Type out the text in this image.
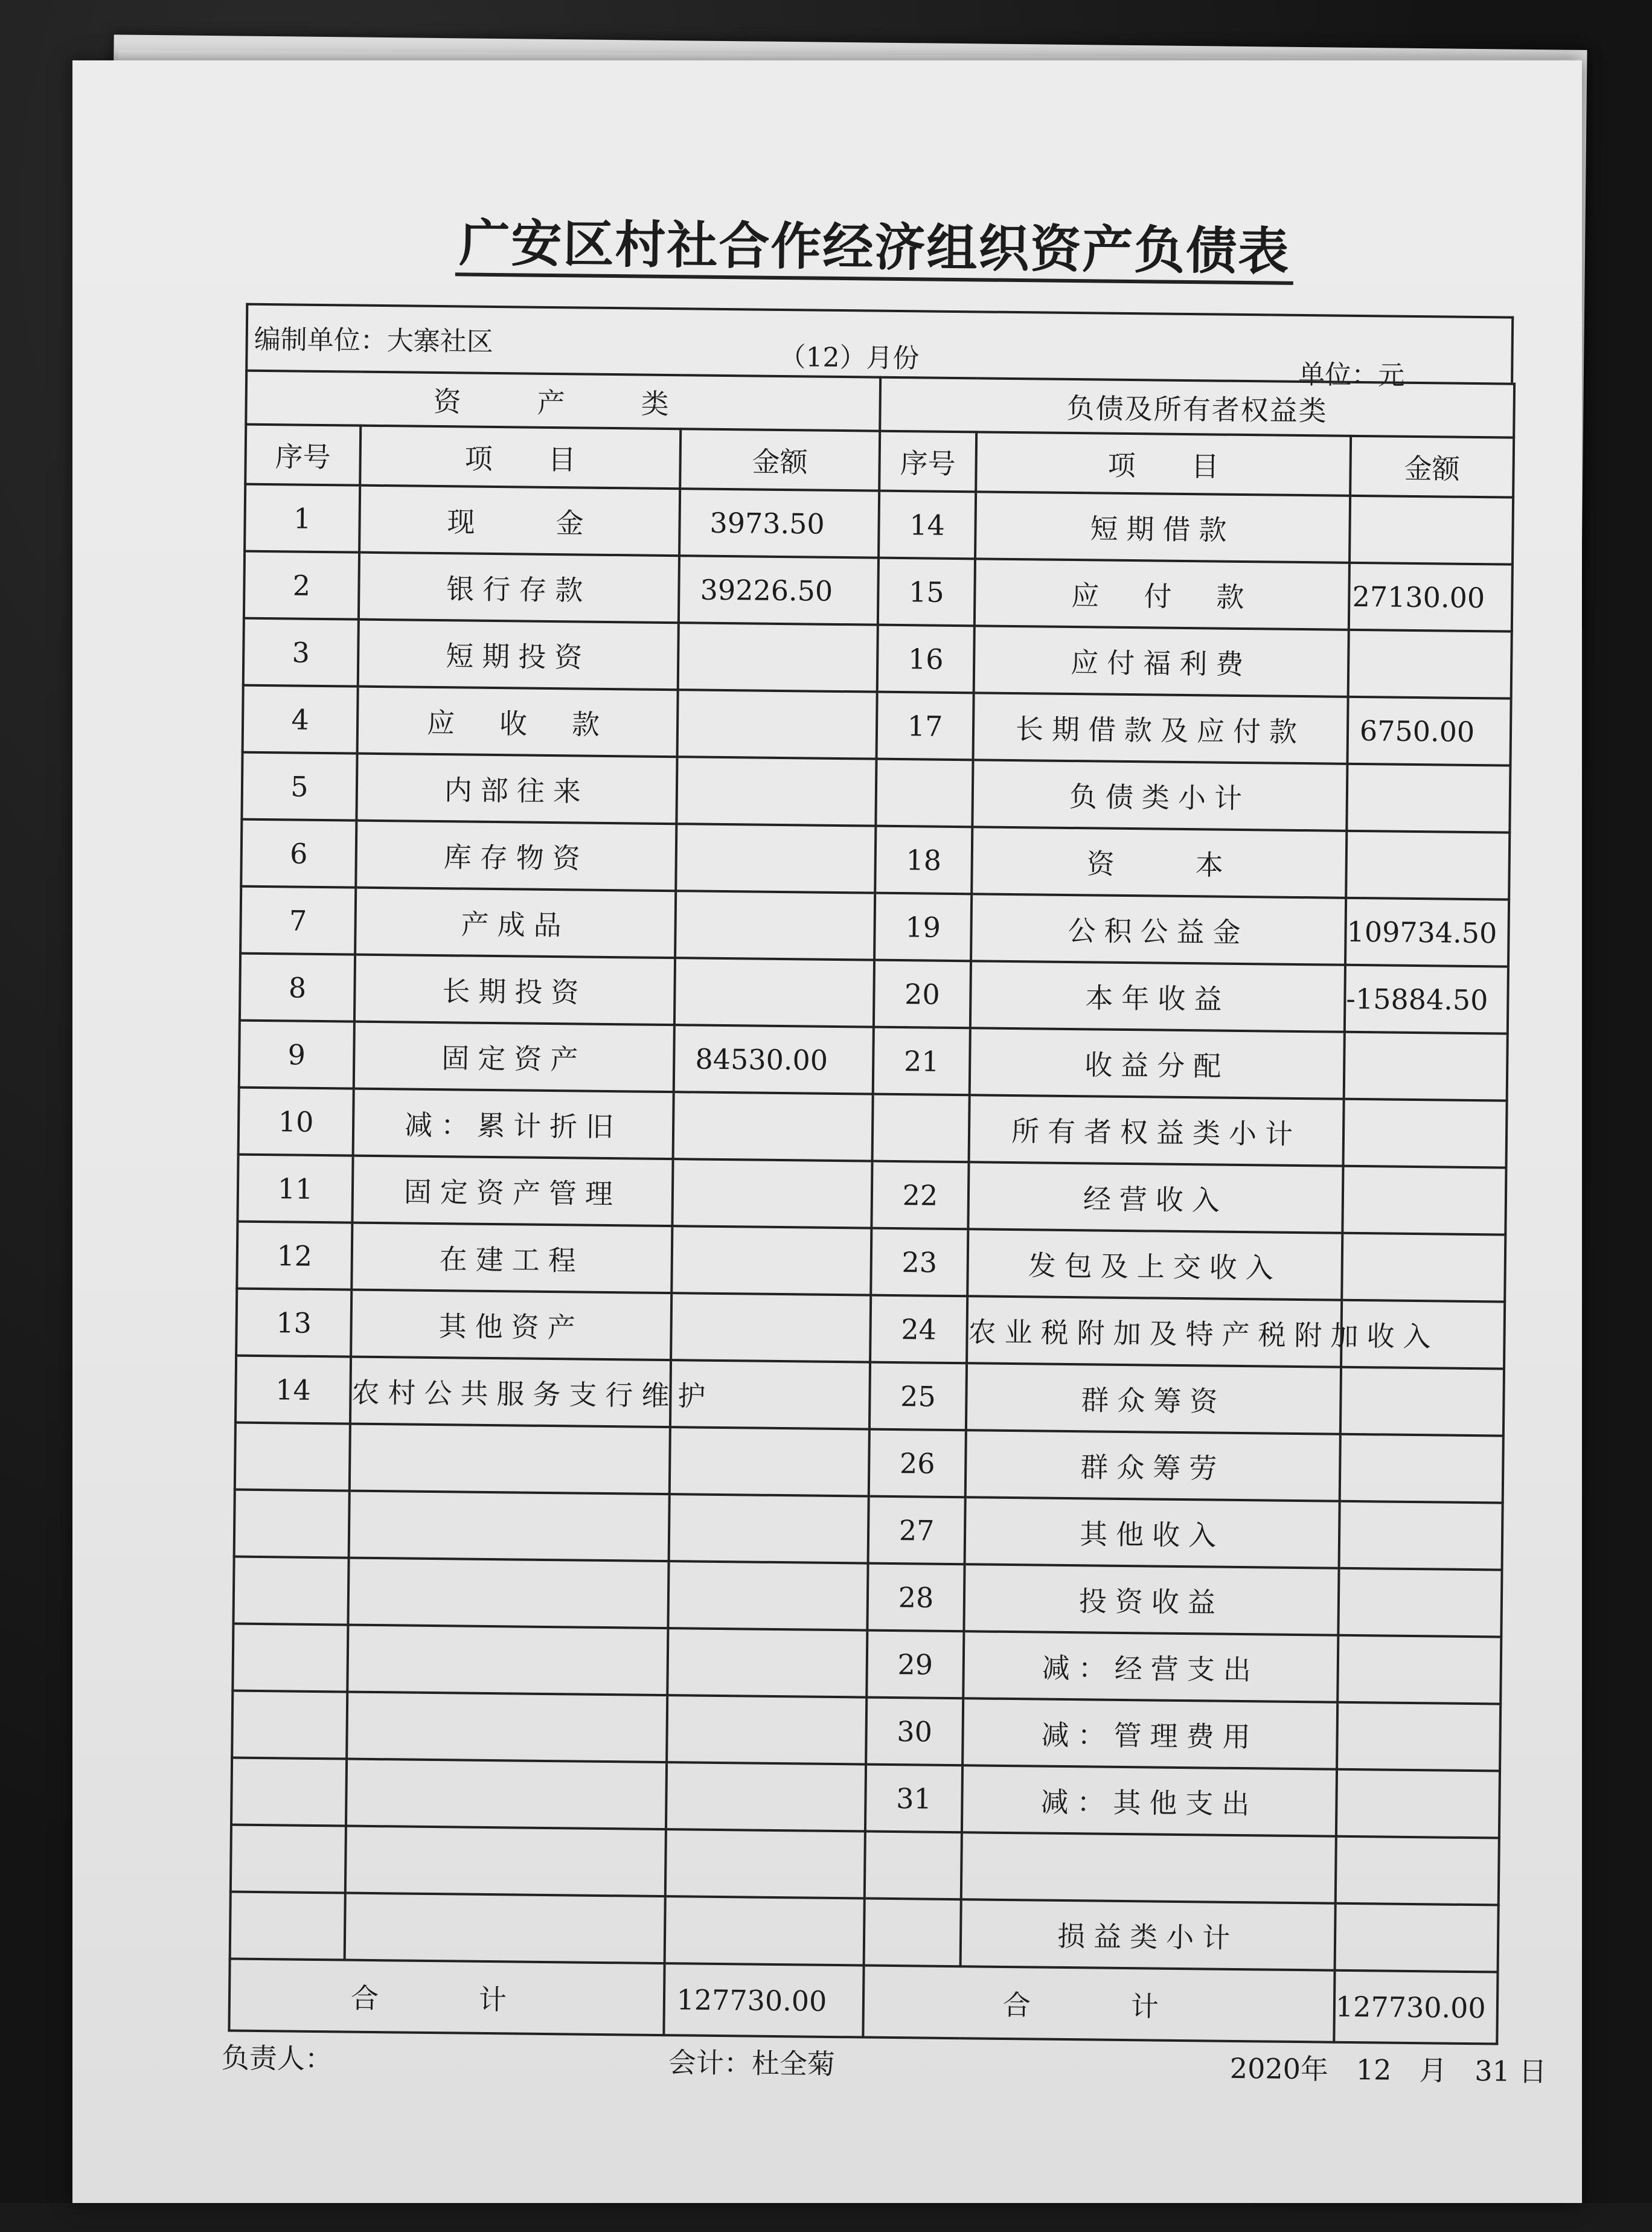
广安区村社合作经济组织资产负债表
编制单位：大寨社区
（12）月份
单位：元
资　产　类			负债及所有者权益类		
序号	项　　目	金额	序号	项　　目	金额
1	现　　金	3973.50	14	短期借款	
2	银行存款	39226.50	15	应　付　款	27130.00
3	短期投资		16	应付福利费	
4	应　收　款		17	长期借款及应付款	6750.00
5	内部往来			负债类小计	
6	库存物资		18	资　　本	
7	产成品		19	公积公益金	109734.50
8	长期投资		20	本年收益	-15884.50
9	固定资产	84530.00	21	收益分配	
10	减：累计折旧			所有者权益类小计	
11	固定资产管理		22	经营收入	
12	在建工程		23	发包及上交收入	
13	其他资产		24	农业税附加及特产税附加收入	
14	农村公共服务支行维护		25	群众筹资	
			26	群众筹劳	
			27	其他收入	
			28	投资收益	
			29	减：经营支出	
			30	减：管理费用	
			31	减：其他支出	

				损益类小计	
合　计		127730.00	合　计		127730.00
负责人：	会计：杜全菊	2020年　12　月　31 日
